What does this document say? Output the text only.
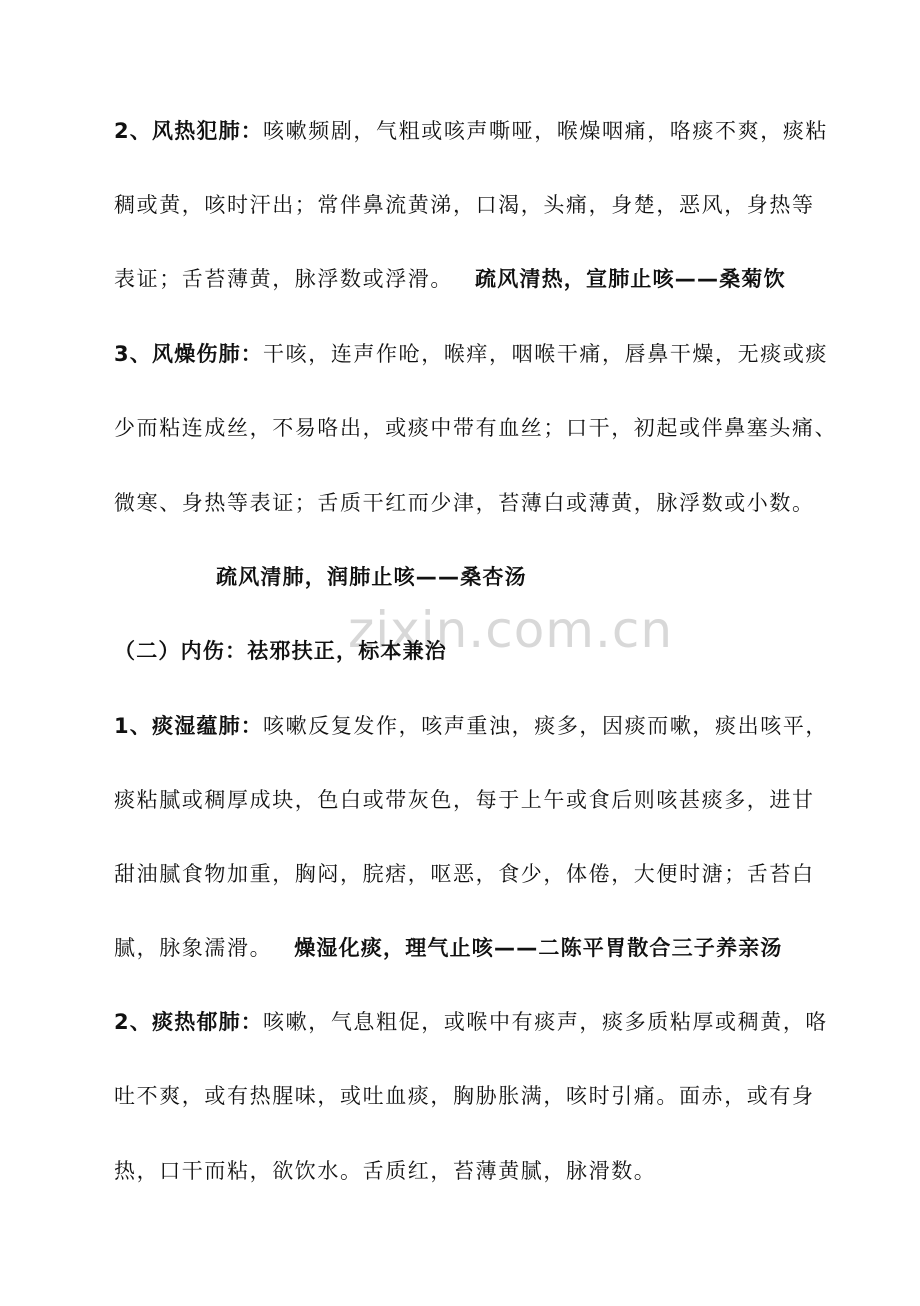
zixin.com.cn
2、风热犯肺：咳嗽频剧，气粗或咳声嘶哑，喉燥咽痛，咯痰不爽，痰粘
稠或黄，咳时汗出；常伴鼻流黄涕，口渴，头痛，身楚，恶风，身热等
表证；舌苔薄黄，脉浮数或浮滑。 疏风清热，宣肺止咳——桑菊饮
3、风燥伤肺：干咳，连声作呛，喉痒，咽喉干痛，唇鼻干燥，无痰或痰
少而粘连成丝，不易咯出，或痰中带有血丝；口干，初起或伴鼻塞头痛、
微寒、身热等表证；舌质干红而少津，苔薄白或薄黄，脉浮数或小数。
疏风清肺，润肺止咳——桑杏汤
（二）内伤：祛邪扶正，标本兼治
1、痰湿蕴肺：咳嗽反复发作，咳声重浊，痰多，因痰而嗽，痰出咳平，
痰粘腻或稠厚成块，色白或带灰色，每于上午或食后则咳甚痰多，进甘
甜油腻食物加重，胸闷，脘痞，呕恶，食少，体倦，大便时溏；舌苔白
腻，脉象濡滑。 燥湿化痰，理气止咳——二陈平胃散合三子养亲汤
2、痰热郁肺：咳嗽，气息粗促，或喉中有痰声，痰多质粘厚或稠黄，咯
吐不爽，或有热腥味，或吐血痰，胸胁胀满，咳时引痛。面赤，或有身
热，口干而粘，欲饮水。舌质红，苔薄黄腻，脉滑数。
